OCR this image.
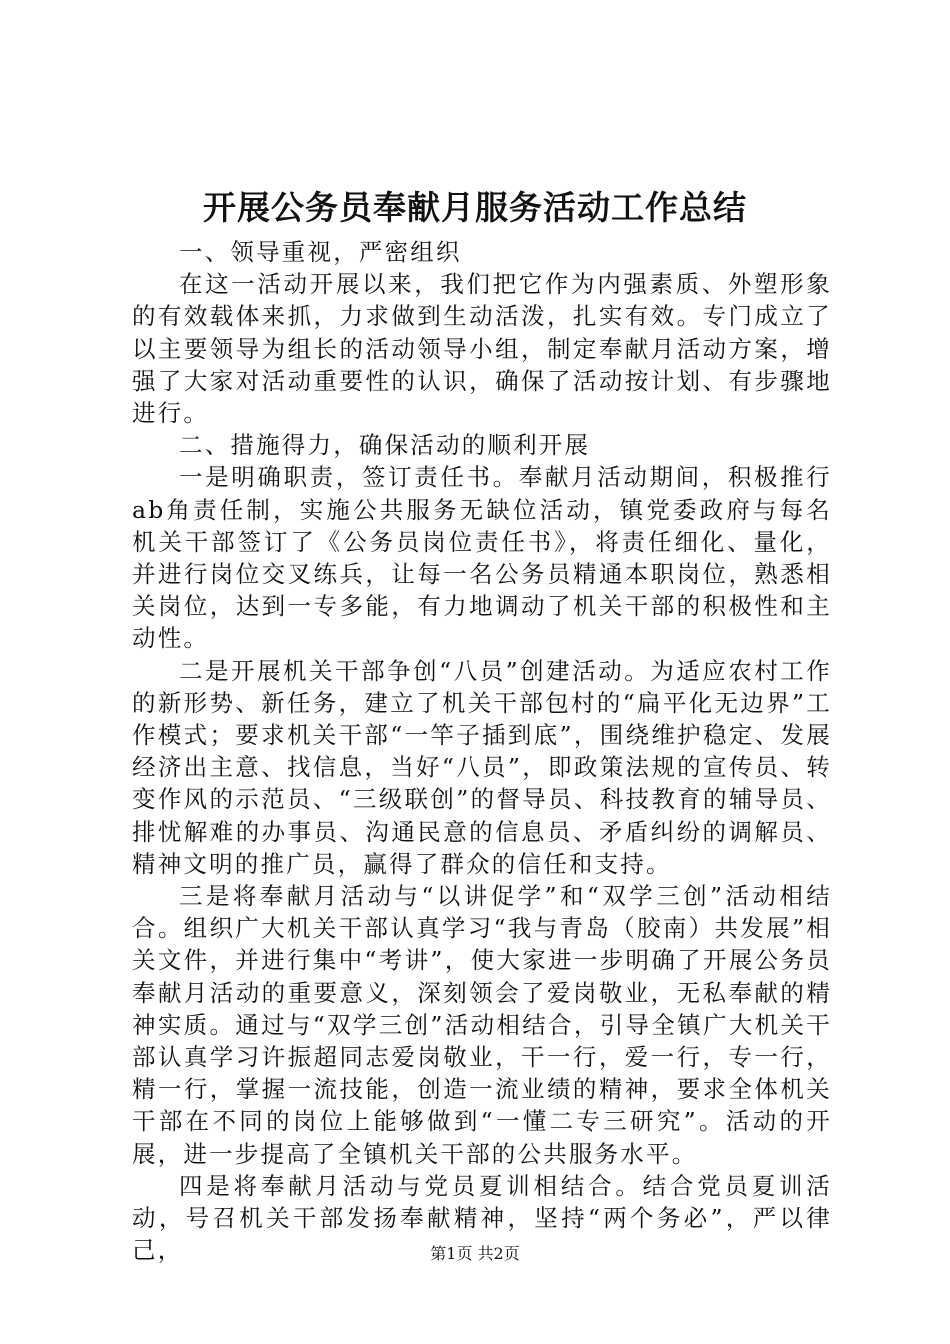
开展公务员奉献月服务活动工作总结

一、领导重视，严密组织

在这一活动开展以来，我们把它作为内强素质、外塑形象的有效载体来抓，力求做到生动活泼，扎实有效。专门成立了以主要领导为组长的活动领导小组，制定奉献月活动方案，增强了大家对活动重要性的认识，确保了活动按计划、有步骤地进行。

二、措施得力，确保活动的顺利开展

一是明确职责，签订责任书。奉献月活动期间，积极推行ab角责任制，实施公共服务无缺位活动，镇党委政府与每名机关干部签订了《公务员岗位责任书》，将责任细化、量化，并进行岗位交叉练兵，让每一名公务员精通本职岗位，熟悉相关岗位，达到一专多能，有力地调动了机关干部的积极性和主动性。

二是开展机关干部争创“八员”创建活动。为适应农村工作的新形势、新任务，建立了机关干部包村的“扁平化无边界”工作模式；要求机关干部“一竿子插到底”，围绕维护稳定、发展经济出主意、找信息，当好“八员”，即政策法规的宣传员、转变作风的示范员、“三级联创”的督导员、科技教育的辅导员、排忧解难的办事员、沟通民意的信息员、矛盾纠纷的调解员、精神文明的推广员，赢得了群众的信任和支持。

三是将奉献月活动与“以讲促学”和“双学三创”活动相结合。组织广大机关干部认真学习“我与青岛（胶南）共发展”相关文件，并进行集中“考讲”，使大家进一步明确了开展公务员奉献月活动的重要意义，深刻领会了爱岗敬业，无私奉献的精神实质。通过与“双学三创”活动相结合，引导全镇广大机关干部认真学习许振超同志爱岗敬业，干一行，爱一行，专一行，精一行，掌握一流技能，创造一流业绩的精神，要求全体机关干部在不同的岗位上能够做到“一懂二专三研究”。活动的开展，进一步提高了全镇机关干部的公共服务水平。

四是将奉献月活动与党员夏训相结合。结合党员夏训活动，号召机关干部发扬奉献精神，坚持“两个务必”，严以律己，	第1页 共2页
